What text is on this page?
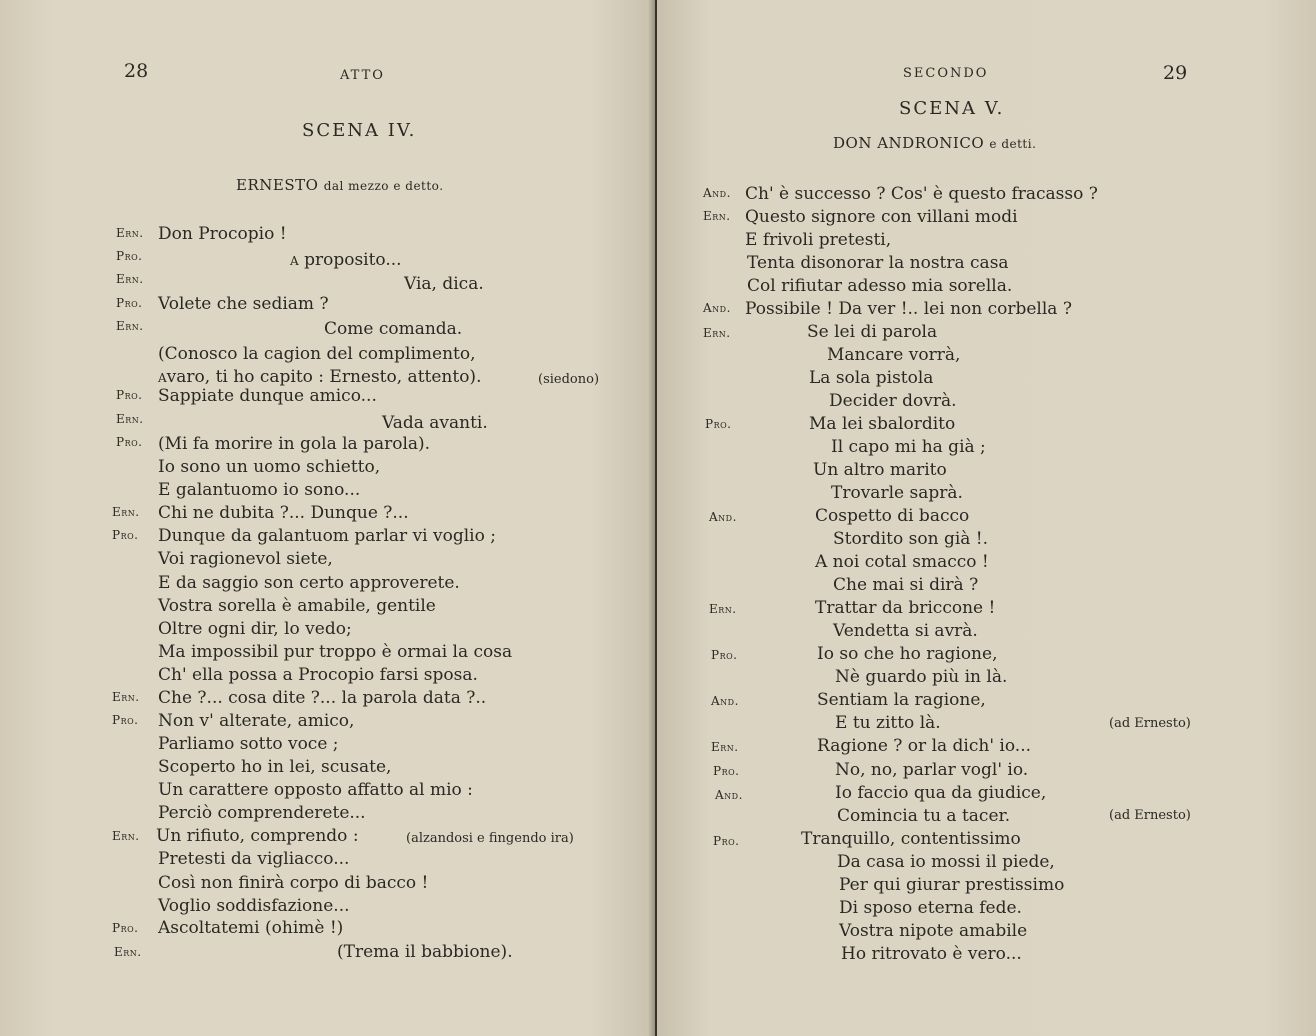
28	ATTO
SCENA IV.
ERNESTO dal mezzo e detto.
Ern. Don Procopio !
Pro.	A proposito...
Ern.	Via, dica.
Pro. Volete che sediam ?
Ern.	Come comanda.
(Conosco la cagion del complimento,
Avaro, ti ho capito : Ernesto, attento).	(siedono)
Pro. Sappiate dunque amico...
Ern.	Vada avanti.
Pro. (Mi fa morire in gola la parola).
Io sono un uomo schietto,
E galantuomo io sono...
Ern. Chi ne dubita ?... Dunque ?...
Pro. Dunque da galantuom parlar vi voglio ;
Voi ragionevol siete,
E da saggio son certo approverete.
Vostra sorella è amabile, gentile
Oltre ogni dir, lo vedo;
Ma impossibil pur troppo è ormai la cosa
Ch' ella possa a Procopio farsi sposa.
Ern. Che ?... cosa dite ?... la parola data ?..
Pro. Non v' alterate, amico,
Parliamo sotto voce ;
Scoperto ho in lei, scusate,
Un carattere opposto affatto al mio :
Perciò comprenderete...
Ern. Un rifiuto, comprendo :	(alzandosi e fingendo ira)
Pretesti da vigliacco...
Così non finirà corpo di bacco !
Voglio soddisfazione...
Pro. Ascoltatemi (ohimè !)
Ern.	(Trema il babbione).
SECONDO	29
SCENA V.
DON ANDRONICO e detti.
And. Ch' è successo ? Cos' è questo fracasso ?
Ern. Questo signore con villani modi
E frivoli pretesti,
Tenta disonorar la nostra casa
Col rifiutar adesso mia sorella.
And. Possibile ! Da ver !.. lei non corbella ?
Ern.	Se lei di parola
Mancare vorrà,
La sola pistola
Decider dovrà.
Pro.	Ma lei sbalordito
Il capo mi ha già ;
Un altro marito
Trovarle saprà.
And.	Cospetto di bacco
Stordito son già !.
A noi cotal smacco !
Che mai si dirà ?
Ern.	Trattar da briccone !
Vendetta si avrà.
Pro.	Io so che ho ragione,
Nè guardo più in là.
And.	Sentiam la ragione,
E tu zitto là.	(ad Ernesto)
Ern.	Ragione ? or la dich' io...
Pro.	No, no, parlar vogl' io.
And.	Io faccio qua da giudice,
Comincia tu a tacer.	(ad Ernesto)
Pro.	Tranquillo, contentissimo
Da casa io mossi il piede,
Per qui giurar prestissimo
Di sposo eterna fede.
Vostra nipote amabile
Ho ritrovato è vero...
